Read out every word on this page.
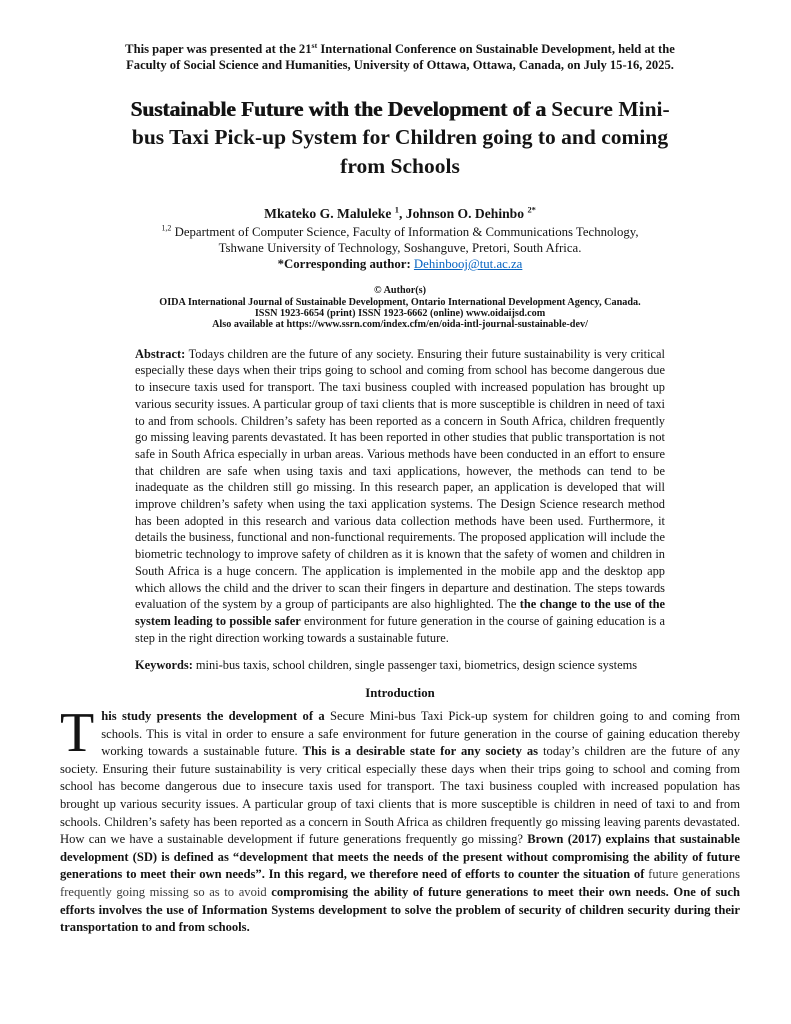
This paper was presented at the 21st International Conference on Sustainable Development, held at the
Faculty of Social Science and Humanities, University of Ottawa, Ottawa, Canada, on July 15-16, 2025.
Sustainable Future with the Development of a Secure Mini-
bus Taxi Pick-up System for Children going to and coming
from Schools
Mkateko G. Maluleke $^1$, Johnson O. Dehinbo $^{2*}$
$^{1,2}$ Department of Computer Science, Faculty of Information & Communications Technology,
Tshwane University of Technology, Soshanguve, Pretori, South Africa.
*Corresponding author: Dehinbooj@tut.ac.za
© Author(s)
OIDA International Journal of Sustainable Development, Ontario International Development Agency, Canada.
ISSN 1923-6654 (print) ISSN 1923-6662 (online) www.oidaijsd.com
Also available at https://www.ssrn.com/index.cfm/en/oida-intl-journal-sustainable-dev/

Abstract: Todays children are the future of any society. Ensuring their future sustainability is very critical especially these days when their trips going to school and coming from school has become dangerous due to insecure taxis used for transport. The taxi business coupled with increased population has brought up various security issues. A particular group of taxi clients that is more susceptible is children in need of taxi to and from schools. Children’s safety has been reported as a concern in South Africa, children frequently go missing leaving parents devastated. It has been reported in other studies that public transportation is not safe in South Africa especially in urban areas. Various methods have been conducted in an effort to ensure that children are safe when using taxis and taxi applications, however, the methods can tend to be inadequate as the children still go missing. In this research paper, an application is developed that will improve children’s safety when using the taxi application systems. The Design Science research method has been adopted in this research and various data collection methods have been used. Furthermore, it details the business, functional and non-functional requirements. The proposed application will include the biometric technology to improve safety of children as it is known that the safety of women and children in South Africa is a huge concern. The application is implemented in the mobile app and the desktop app which allows the child and the driver to scan their fingers in departure and destination. The steps towards evaluation of the system by a group of participants are also highlighted. The the change to the use of the system leading to possible safer environment for future generation in the course of gaining education is a step in the right direction working towards a sustainable future.

Keywords: mini-bus taxis, school children, single passenger taxi, biometrics, design science systems

Introduction

This study presents the development of a Secure Mini-bus Taxi Pick-up system for children going to and coming from schools. This is vital in order to ensure a safe environment for future generation in the course of gaining education thereby working towards a sustainable future. This is a desirable state for any society as today’s children are the future of any society. Ensuring their future sustainability is very critical especially these days when their trips going to school and coming from school has become dangerous due to insecure taxis used for transport. The taxi business coupled with increased population has brought up various security issues. A particular group of taxi clients that is more susceptible is children in need of taxi to and from schools. Children’s safety has been reported as a concern in South Africa as children frequently go missing leaving parents devastated. How can we have a sustainable development if future generations frequently go missing? Brown (2017) explains that sustainable development (SD) is defined as “development that meets the needs of the present without compromising the ability of future generations to meet their own needs”. In this regard, we therefore need of efforts to counter the situation of future generations frequently going missing so as to avoid compromising the ability of future generations to meet their own needs. One of such efforts involves the use of Information Systems development to solve the problem of security of children security during their transportation to and from schools.
